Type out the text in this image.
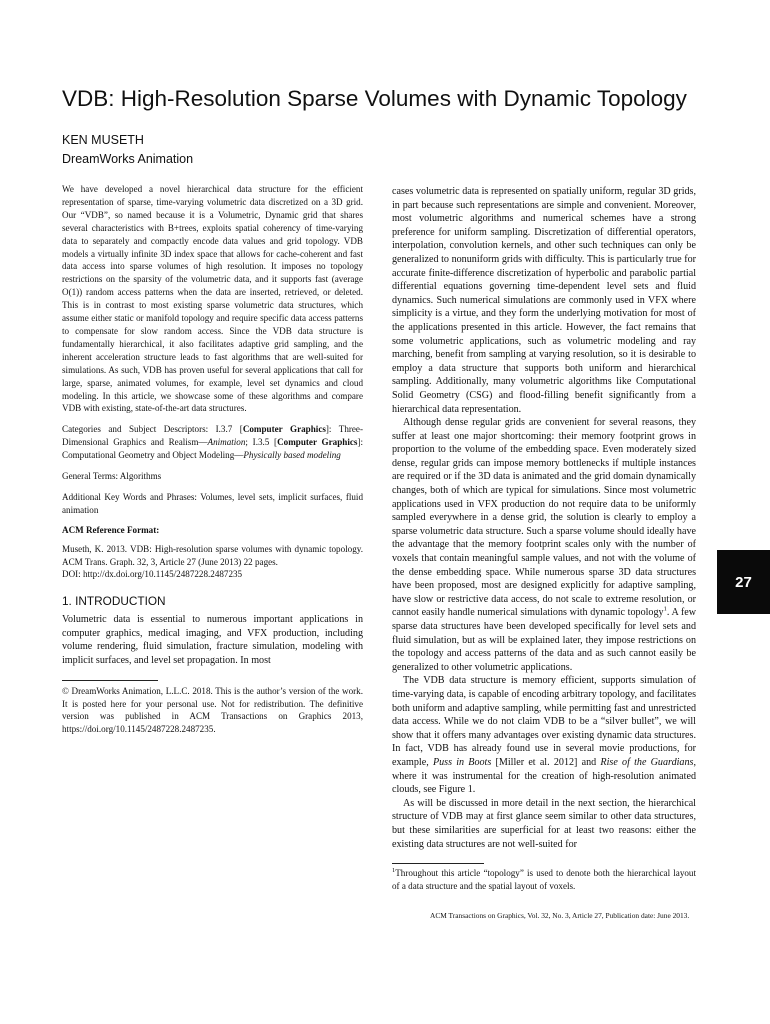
VDB: High-Resolution Sparse Volumes with Dynamic Topology
KEN MUSETH
DreamWorks Animation

We have developed a novel hierarchical data structure for the efficient representation of sparse, time-varying volumetric data discretized on a 3D grid. Our “VDB”, so named because it is a Volumetric, Dynamic grid that shares several characteristics with B+trees, exploits spatial coherency of time-varying data to separately and compactly encode data values and grid topology. VDB models a virtually infinite 3D index space that allows for cache-coherent and fast data access into sparse volumes of high resolution. It imposes no topology restrictions on the sparsity of the volumetric data, and it supports fast (average O(1)) random access patterns when the data are inserted, retrieved, or deleted. This is in contrast to most existing sparse volumetric data structures, which assume either static or manifold topology and require specific data access patterns to compensate for slow random access. Since the VDB data structure is fundamentally hierarchical, it also facilitates adaptive grid sampling, and the inherent acceleration structure leads to fast algorithms that are well-suited for simulations. As such, VDB has proven useful for several applications that call for large, sparse, animated volumes, for example, level set dynamics and cloud modeling. In this article, we showcase some of these algorithms and compare VDB with existing, state-of-the-art data structures.

Categories and Subject Descriptors: I.3.7 [Computer Graphics]: Three-Dimensional Graphics and Realism—Animation; I.3.5 [Computer Graphics]: Computational Geometry and Object Modeling—Physically based modeling

General Terms: Algorithms

Additional Key Words and Phrases: Volumes, level sets, implicit surfaces, fluid animation

ACM Reference Format:

Museth, K. 2013. VDB: High-resolution sparse volumes with dynamic topology. ACM Trans. Graph. 32, 3, Article 27 (June 2013) 22 pages.

DOI: http://dx.doi.org/10.1145/2487228.2487235

1. INTRODUCTION

Volumetric data is essential to numerous important applications in computer graphics, medical imaging, and VFX production, including volume rendering, fluid simulation, fracture simulation, modeling with implicit surfaces, and level set propagation. In most

© DreamWorks Animation, L.L.C. 2018. This is the author’s version of the work. It is posted here for your personal use. Not for redistribution. The definitive version was published in ACM Transactions on Graphics 2013, https://doi.org/10.1145/2487228.2487235.

cases volumetric data is represented on spatially uniform, regular 3D grids, in part because such representations are simple and convenient. Moreover, most volumetric algorithms and numerical schemes have a strong preference for uniform sampling. Discretization of differential operators, interpolation, convolution kernels, and other such techniques can only be generalized to nonuniform grids with difficulty. This is particularly true for accurate finite-difference discretization of hyperbolic and parabolic partial differential equations governing time-dependent level sets and fluid dynamics. Such numerical simulations are commonly used in VFX where simplicity is a virtue, and they form the underlying motivation for most of the applications presented in this article. However, the fact remains that some volumetric applications, such as volumetric modeling and ray marching, benefit from sampling at varying resolution, so it is desirable to employ a data structure that supports both uniform and hierarchical sampling. Additionally, many volumetric algorithms like Computational Solid Geometry (CSG) and flood-filling benefit significantly from a hierarchical data representation.

Although dense regular grids are convenient for several reasons, they suffer at least one major shortcoming: their memory footprint grows in proportion to the volume of the embedding space. Even moderately sized dense, regular grids can impose memory bottlenecks if multiple instances are required or if the 3D data is animated and the grid domain dynamically changes, both of which are typical for simulations. Since most volumetric applications used in VFX production do not require data to be uniformly sampled everywhere in a dense grid, the solution is clearly to employ a sparse volumetric data structure. Such a sparse volume should ideally have the advantage that the memory footprint scales only with the number of voxels that contain meaningful sample values, and not with the volume of the dense embedding space. While numerous sparse 3D data structures have been proposed, most are designed explicitly for adaptive sampling, have slow or restrictive data access, do not scale to extreme resolution, or cannot easily handle numerical simulations with dynamic topology$^1$. A few sparse data structures have been developed specifically for level sets and fluid simulation, but as will be explained later, they impose restrictions on the topology and access patterns of the data and as such cannot easily be generalized to other volumetric applications.

The VDB data structure is memory efficient, supports simulation of time-varying data, is capable of encoding arbitrary topology, and facilitates both uniform and adaptive sampling, while permitting fast and unrestricted data access. While we do not claim VDB to be a “silver bullet”, we will show that it offers many advantages over existing dynamic data structures. In fact, VDB has already found use in several movie productions, for example, Puss in Boots [Miller et al. 2012] and Rise of the Guardians, where it was instrumental for the creation of high-resolution animated clouds, see Figure 1.

As will be discussed in more detail in the next section, the hierarchical structure of VDB may at first glance seem similar to other data structures, but these similarities are superficial for at least two reasons: either the existing data structures are not well-suited for

$^1$Throughout this article “topology” is used to denote both the hierarchical layout of a data structure and the spatial layout of voxels.

ACM Transactions on Graphics, Vol. 32, No. 3, Article 27, Publication date: June 2013.
27
